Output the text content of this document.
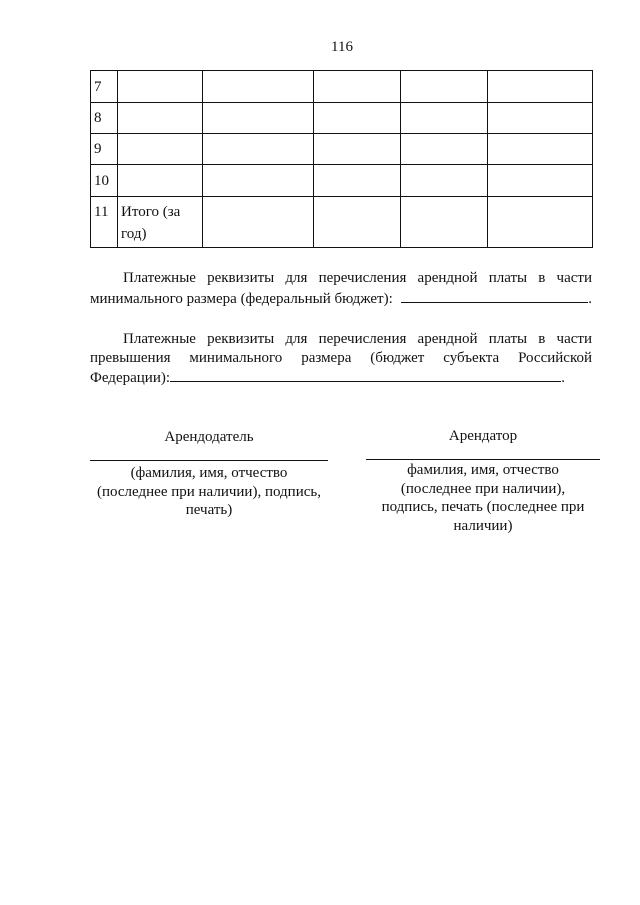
116
7
8
9
10
11 Итого (за год)
Платежные реквизиты для перечисления арендной платы в части
минимального размера (федеральный бюджет):	.
Платежные реквизиты для перечисления арендной платы в части
превышения минимального размера (бюджет субъекта Российской
Федерации):	.
Арендодатель	Арендатор
(фамилия, имя, отчество
(последнее при наличии), подпись,
печать)
фамилия, имя, отчество
(последнее при наличии),
подпись, печать (последнее при
наличии)
